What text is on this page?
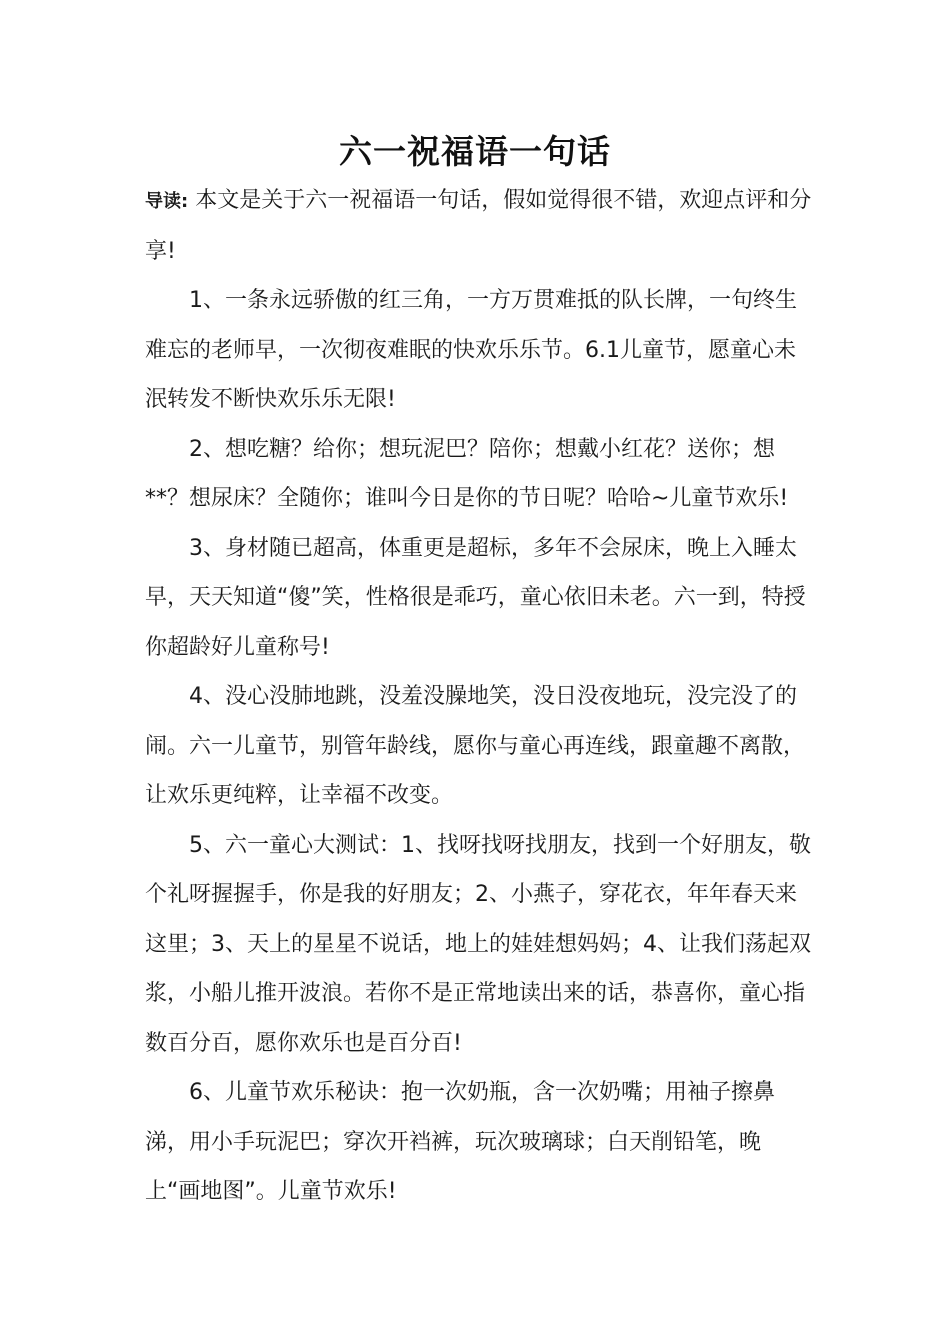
六一祝福语一句话

导读: 本文是关于六一祝福语一句话，假如觉得很不错，欢迎点评和分享!

1、一条永远骄傲的红三角，一方万贯难抵的队长牌，一句终生难忘的老师早，一次彻夜难眠的快欢乐乐节。6.1儿童节，愿童心未泯转发不断快欢乐乐无限!

2、想吃糖？给你；想玩泥巴？陪你；想戴小红花？送你；想**？想尿床？全随你；谁叫今日是你的节日呢？哈哈~儿童节欢乐!

3、身材随已超高，体重更是超标，多年不会尿床，晚上入睡太早，天天知道“傻”笑，性格很是乖巧，童心依旧未老。六一到，特授你超龄好儿童称号!

4、没心没肺地跳，没羞没臊地笑，没日没夜地玩，没完没了的闹。六一儿童节，别管年龄线，愿你与童心再连线，跟童趣不离散，让欢乐更纯粹，让幸福不改变。

5、六一童心大测试：1、找呀找呀找朋友，找到一个好朋友，敬个礼呀握握手，你是我的好朋友；2、小燕子，穿花衣，年年春天来这里；3、天上的星星不说话，地上的娃娃想妈妈；4、让我们荡起双浆，小船儿推开波浪。若你不是正常地读出来的话，恭喜你，童心指数百分百，愿你欢乐也是百分百!

6、儿童节欢乐秘诀：抱一次奶瓶，含一次奶嘴；用袖子擦鼻涕，用小手玩泥巴；穿次开裆裤，玩次玻璃球；白天削铅笔，晚上“画地图”。儿童节欢乐!
